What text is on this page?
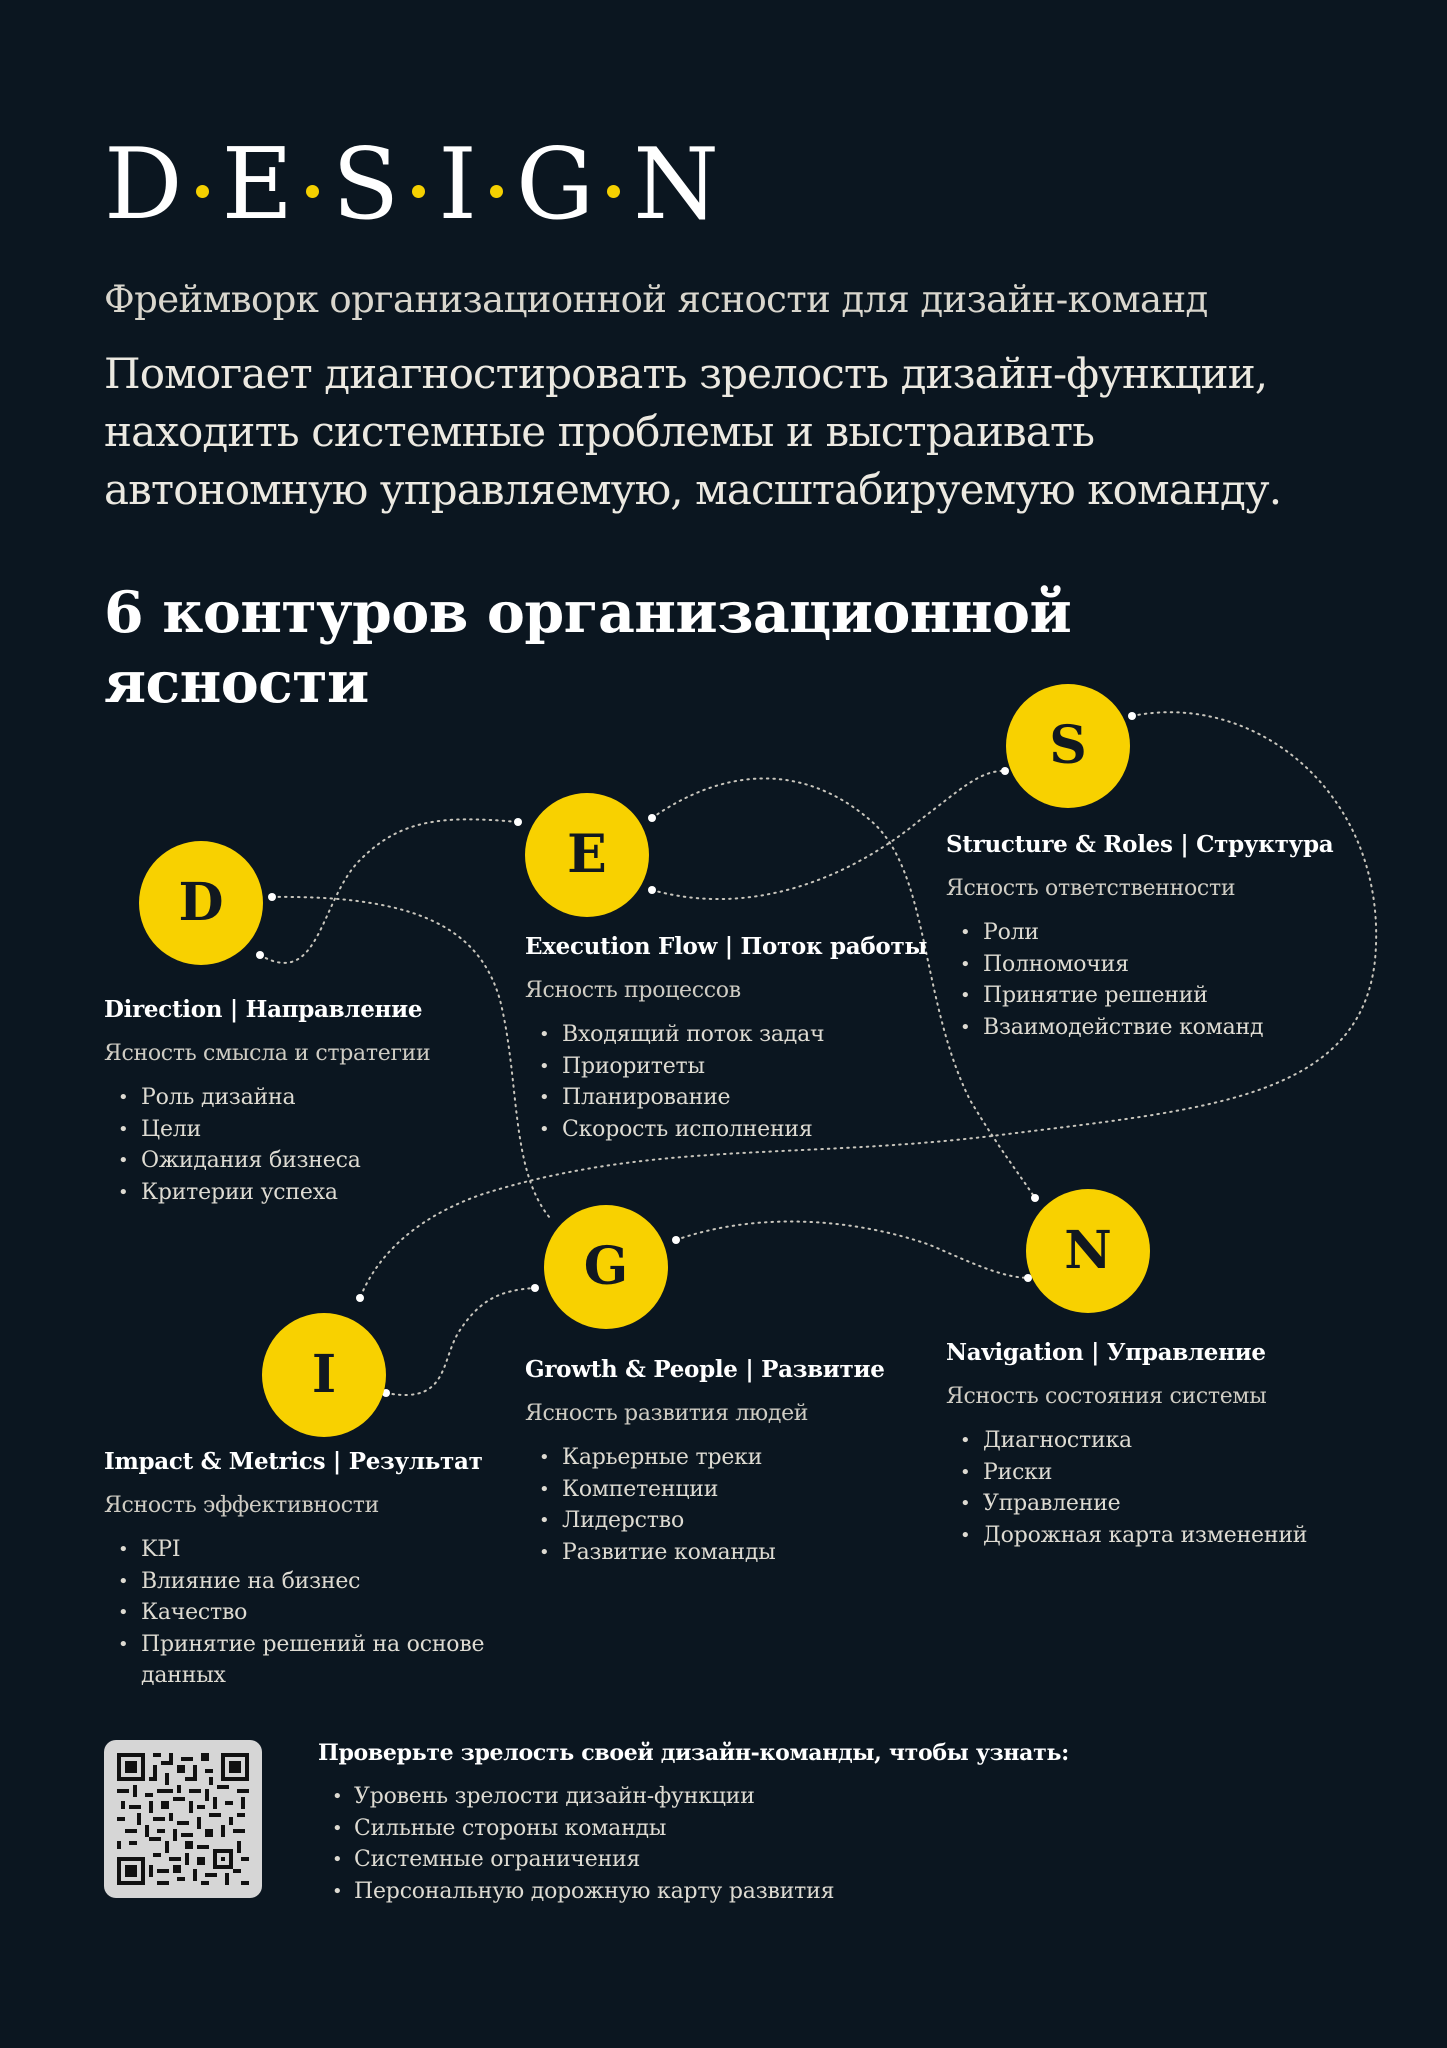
D E S I G N
Фреймворк организационной ясности для дизайн-команд
Помогает диагностировать зрелость дизайн-функции, находить системные проблемы и выстраивать автономную управляемую, масштабируемую команду.
6 контуров организационной ясности
D
E
S
I
G	N
Direction | Направление
Ясность смысла и стратегии
• Роль дизайна
• Цели
• Ожидания бизнеса
• Критерии успеха
Execution Flow | Поток работы
Ясность процессов
• Входящий поток задач
• Приоритеты
• Планирование
• Скорость исполнения
Structure & Roles | Структура
Ясность ответственности
• Роли
• Полномочия
• Принятие решений
• Взаимодействие команд
Impact & Metrics | Результат
Ясность эффективности
• KPI
• Влияние на бизнес
• Качество
• Принятие решений на основе данных
Growth & People | Развитие
Ясность развития людей
• Карьерные треки
• Компетенции
• Лидерство
• Развитие команды
Navigation | Управление
Ясность состояния системы
• Диагностика
• Риски
• Управление
• Дорожная карта изменений
Проверьте зрелость своей дизайн-команды, чтобы узнать:
• Уровень зрелости дизайн-функции
• Сильные стороны команды
• Системные ограничения
• Персональную дорожную карту развития
